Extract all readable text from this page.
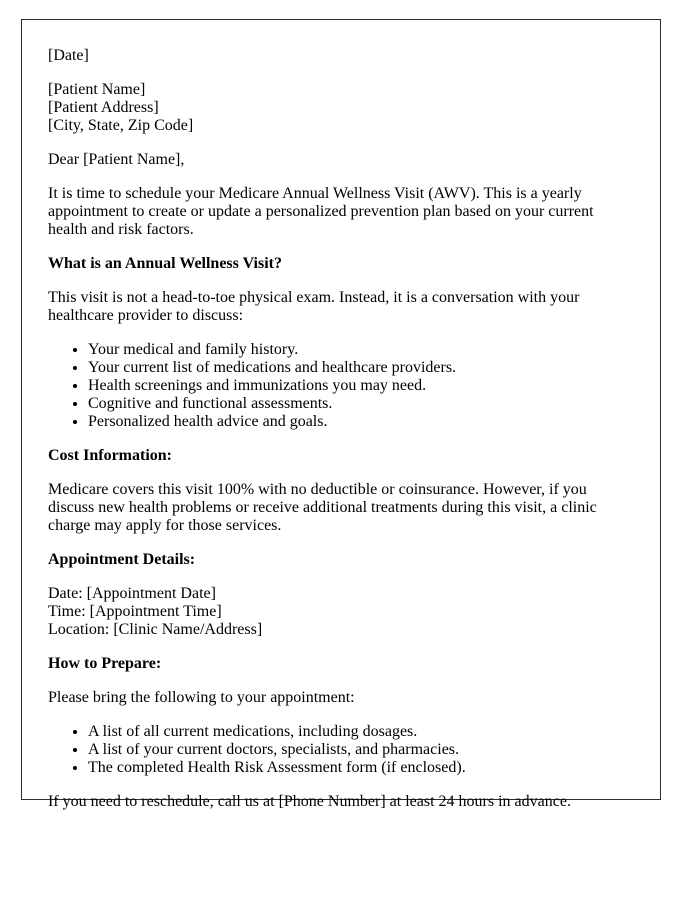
[Date]

[Patient Name]
[Patient Address]
[City, State, Zip Code]

Dear [Patient Name],

It is time to schedule your Medicare Annual Wellness Visit (AWV). This is a yearly appointment to create or update a personalized prevention plan based on your current health and risk factors.

What is an Annual Wellness Visit?

This visit is not a head-to-toe physical exam. Instead, it is a conversation with your healthcare provider to discuss:

• Your medical and family history.
• Your current list of medications and healthcare providers.
• Health screenings and immunizations you may need.
• Cognitive and functional assessments.
• Personalized health advice and goals.

Cost Information:

Medicare covers this visit 100% with no deductible or coinsurance. However, if you discuss new health problems or receive additional treatments during this visit, a clinic charge may apply for those services.

Appointment Details:

Date: [Appointment Date]
Time: [Appointment Time]
Location: [Clinic Name/Address]

How to Prepare:

Please bring the following to your appointment:

• A list of all current medications, including dosages.
• A list of your current doctors, specialists, and pharmacies.
• The completed Health Risk Assessment form (if enclosed).

If you need to reschedule, call us at [Phone Number] at least 24 hours in advance.
